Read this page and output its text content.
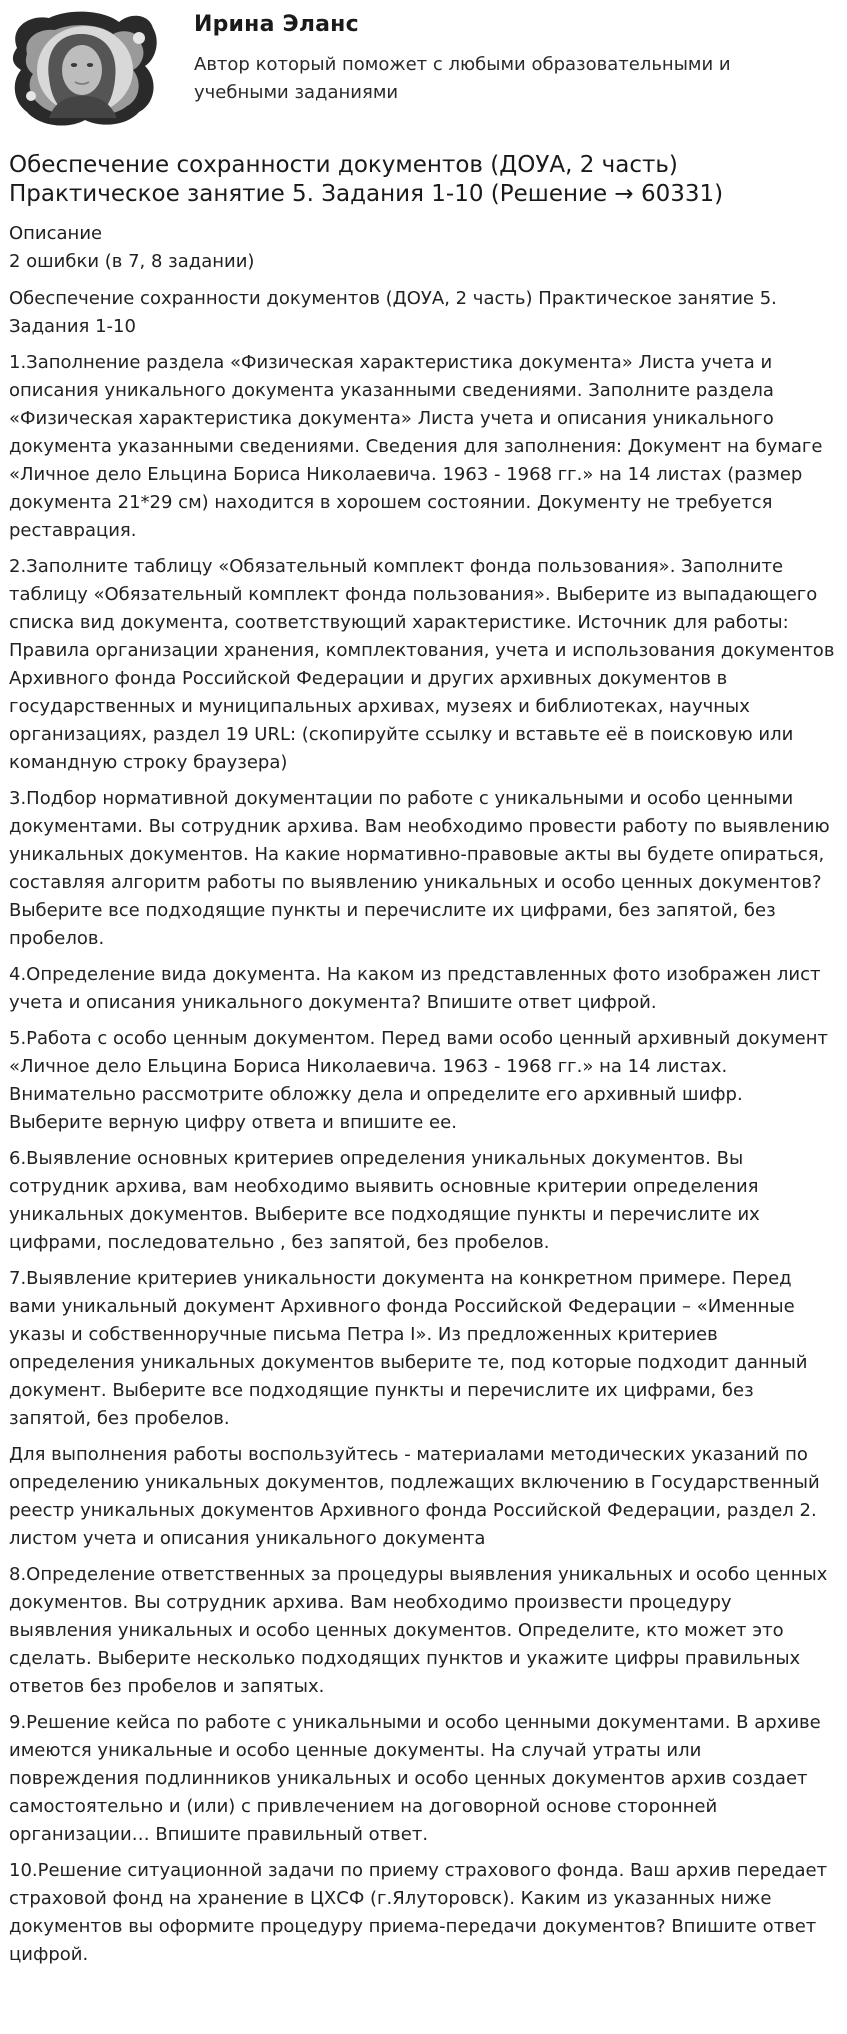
Ирина Эланс
Автор который поможет с любыми образовательными и учебными заданиями
Обеспечение сохранности документов (ДОУА, 2 часть) Практическое занятие 5. Задания 1-10 (Решение → 60331)
Описание
2 ошибки (в 7, 8 задании)

Обеспечение сохранности документов (ДОУА, 2 часть) Практическое занятие 5. Задания 1-10

1.Заполнение раздела «Физическая характеристика документа» Листа учета и описания уникального документа указанными сведениями. Заполните раздела «Физическая характеристика документа» Листа учета и описания уникального документа указанными сведениями. Сведения для заполнения: Документ на бумаге «Личное дело Ельцина Бориса Николаевича. 1963 - 1968 гг.» на 14 листах (размер документа 21*29 см) находится в хорошем состоянии. Документу не требуется реставрация.

2.Заполните таблицу «Обязательный комплект фонда пользования». Заполните таблицу «Обязательный комплект фонда пользования». Выберите из выпадающего списка вид документа, соответствующий характеристике. Источник для работы: Правила организации хранения, комплектования, учета и использования документов Архивного фонда Российской Федерации и других архивных документов в государственных и муниципальных архивах, музеях и библиотеках, научных организациях, раздел 19 URL: (скопируйте ссылку и вставьте её в поисковую или командную строку браузера)

3.Подбор нормативной документации по работе с уникальными и особо ценными документами. Вы сотрудник архива. Вам необходимо провести работу по выявлению уникальных документов. На какие нормативно-правовые акты вы будете опираться, составляя алгоритм работы по выявлению уникальных и особо ценных документов? Выберите все подходящие пункты и перечислите их цифрами, без запятой, без пробелов.

4.Определение вида документа. На каком из представленных фото изображен лист учета и описания уникального документа? Впишите ответ цифрой.

5.Работа с особо ценным документом. Перед вами особо ценный архивный документ «Личное дело Ельцина Бориса Николаевича. 1963 - 1968 гг.» на 14 листах. Внимательно рассмотрите обложку дела и определите его архивный шифр. Выберите верную цифру ответа и впишите ее.

6.Выявление основных критериев определения уникальных документов. Вы сотрудник архива, вам необходимо выявить основные критерии определения уникальных документов. Выберите все подходящие пункты и перечислите их цифрами, последовательно , без запятой, без пробелов.

7.Выявление критериев уникальности документа на конкретном примере. Перед вами уникальный документ Архивного фонда Российской Федерации – «Именные указы и собственноручные письма Петра I». Из предложенных критериев определения уникальных документов выберите те, под которые подходит данный документ. Выберите все подходящие пункты и перечислите их цифрами, без запятой, без пробелов.

Для выполнения работы воспользуйтесь - материалами методических указаний по определению уникальных документов, подлежащих включению в Государственный реестр уникальных документов Архивного фонда Российской Федерации, раздел 2. листом учета и описания уникального документа

8.Определение ответственных за процедуры выявления уникальных и особо ценных документов. Вы сотрудник архива. Вам необходимо произвести процедуру выявления уникальных и особо ценных документов. Определите, кто может это сделать. Выберите несколько подходящих пунктов и укажите цифры правильных ответов без пробелов и запятых.

9.Решение кейса по работе с уникальными и особо ценными документами. В архиве имеются уникальные и особо ценные документы. На случай утраты или повреждения подлинников уникальных и особо ценных документов архив создает самостоятельно и (или) с привлечением на договорной основе сторонней организации… Впишите правильный ответ.

10.Решение ситуационной задачи по приему страхового фонда. Ваш архив передает страховой фонд на хранение в ЦХСФ (г.Ялуторовск). Каким из указанных ниже документов вы оформите процедуру приема-передачи документов? Впишите ответ цифрой.
